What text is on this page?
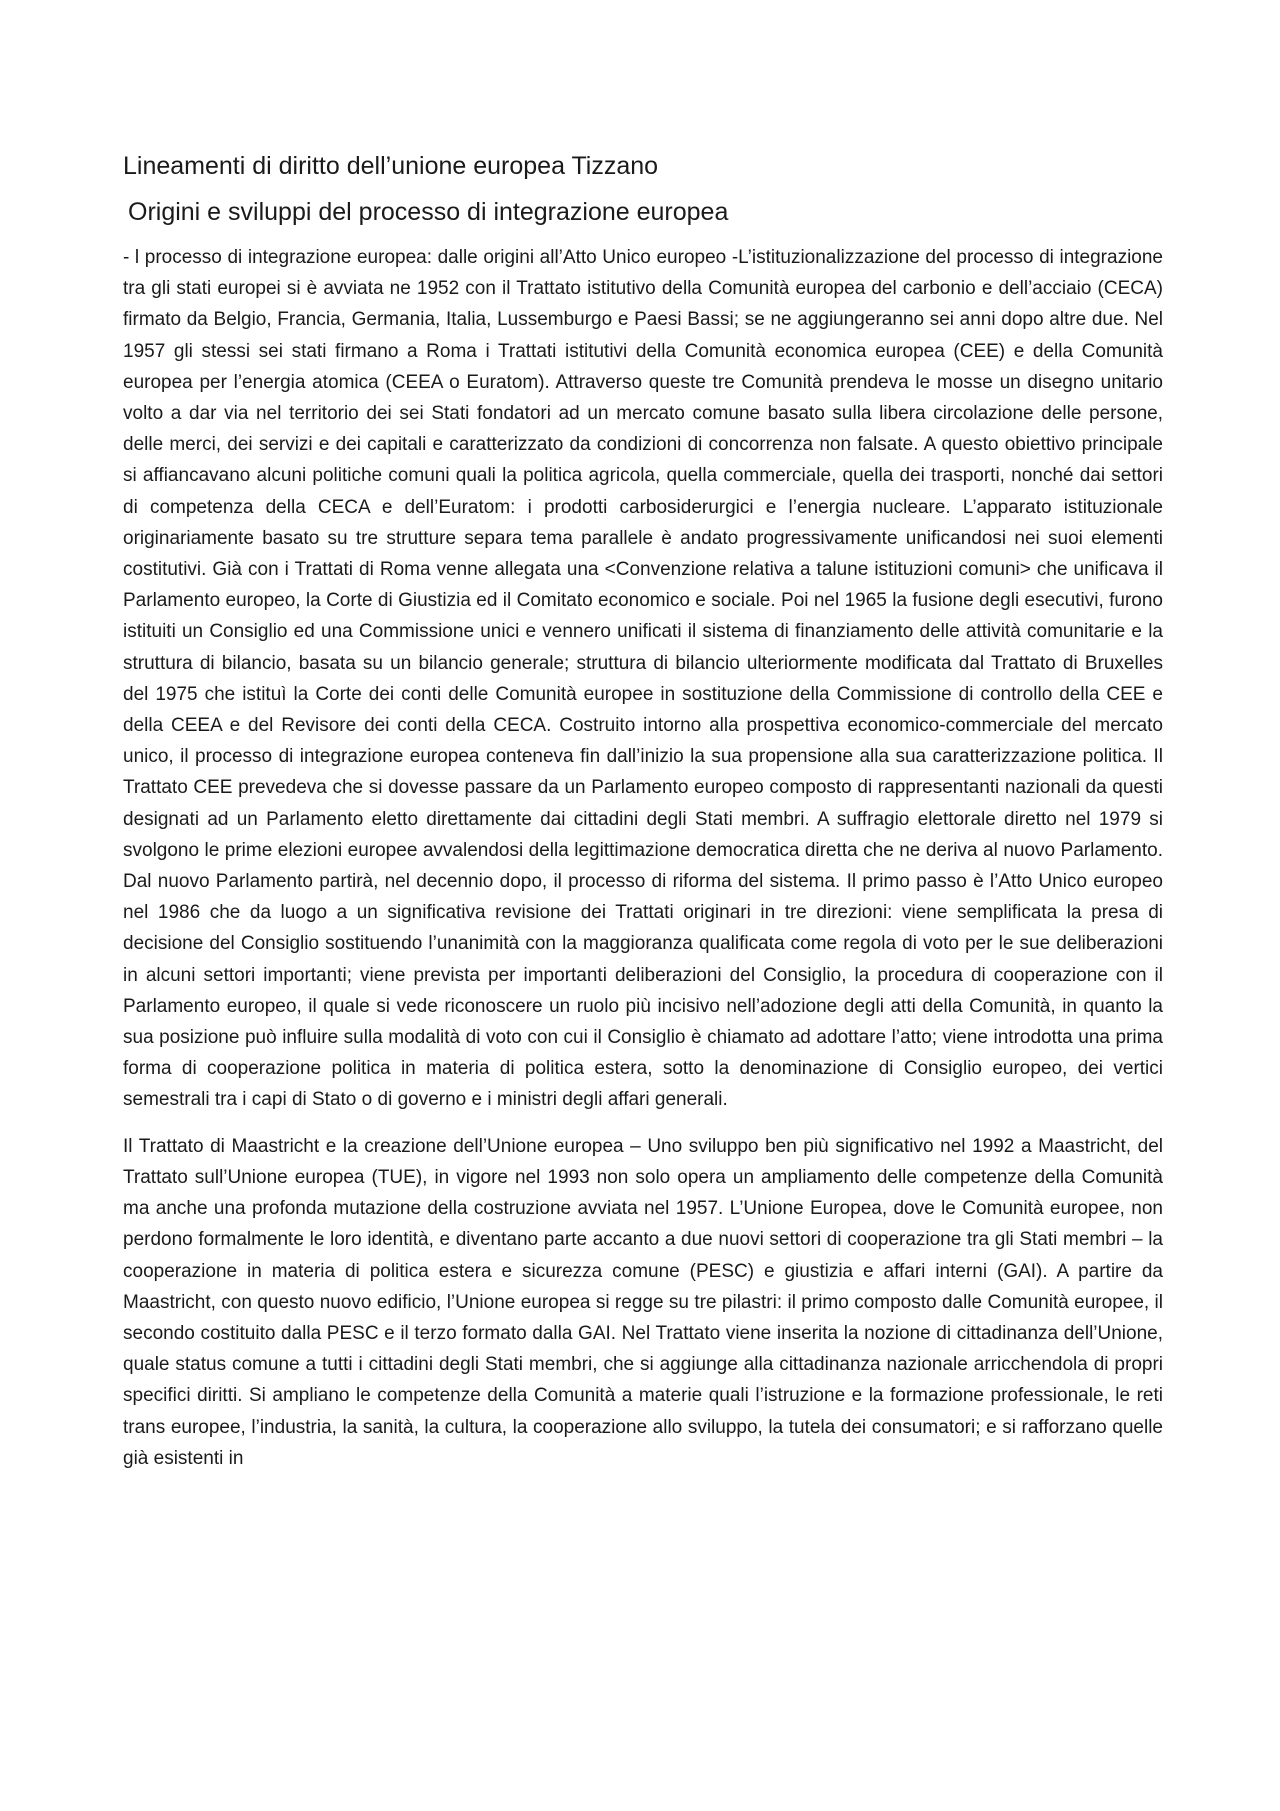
Lineamenti di diritto dell’unione europea Tizzano
Origini e sviluppi del processo di integrazione europea

- l processo di integrazione europea: dalle origini all’Atto Unico europeo -L’istituzionalizzazione del processo di integrazione tra gli stati europei si è avviata ne 1952 con il Trattato istitutivo della Comunità europea del carbonio e dell’acciaio (CECA) firmato da Belgio, Francia, Germania, Italia, Lussemburgo e Paesi Bassi; se ne aggiungeranno sei anni dopo altre due. Nel 1957 gli stessi sei stati firmano a Roma i Trattati istitutivi della Comunità economica europea (CEE) e della Comunità europea per l’energia atomica (CEEA o Euratom). Attraverso queste tre Comunità prendeva le mosse un disegno unitario volto a dar via nel territorio dei sei Stati fondatori ad un mercato comune basato sulla libera circolazione delle persone, delle merci, dei servizi e dei capitali e caratterizzato da condizioni di concorrenza non falsate. A questo obiettivo principale si affiancavano alcuni politiche comuni quali la politica agricola, quella commerciale, quella dei trasporti, nonché dai settori di competenza della CECA e dell’Euratom: i prodotti carbosiderurgici e l’energia nucleare. L’apparato istituzionale originariamente basato su tre strutture separa tema parallele è andato progressivamente unificandosi nei suoi elementi costitutivi. Già con i Trattati di Roma venne allegata una <Convenzione relativa a talune istituzioni comuni> che unificava il Parlamento europeo, la Corte di Giustizia ed il Comitato economico e sociale. Poi nel 1965 la fusione degli esecutivi, furono istituiti un Consiglio ed una Commissione unici e vennero unificati il sistema di finanziamento delle attività comunitarie e la struttura di bilancio, basata su un bilancio generale; struttura di bilancio ulteriormente modificata dal Trattato di Bruxelles del 1975 che istituì la Corte dei conti delle Comunità europee in sostituzione della Commissione di controllo della CEE e della CEEA e del Revisore dei conti della CECA. Costruito intorno alla prospettiva economico-commerciale del mercato unico, il processo di integrazione europea conteneva fin dall’inizio la sua propensione alla sua caratterizzazione politica. Il Trattato CEE prevedeva che si dovesse passare da un Parlamento europeo composto di rappresentanti nazionali da questi designati ad un Parlamento eletto direttamente dai cittadini degli Stati membri. A suffragio elettorale diretto nel 1979 si svolgono le prime elezioni europee avvalendosi della legittimazione democratica diretta che ne deriva al nuovo Parlamento. Dal nuovo Parlamento partirà, nel decennio dopo, il processo di riforma del sistema. Il primo passo è l’Atto Unico europeo nel 1986 che da luogo a un significativa revisione dei Trattati originari in tre direzioni: viene semplificata la presa di decisione del Consiglio sostituendo l’unanimità con la maggioranza qualificata come regola di voto per le sue deliberazioni in alcuni settori importanti; viene prevista per importanti deliberazioni del Consiglio, la procedura di cooperazione con il Parlamento europeo, il quale si vede riconoscere un ruolo più incisivo nell’adozione degli atti della Comunità, in quanto la sua posizione può influire sulla modalità di voto con cui il Consiglio è chiamato ad adottare l’atto; viene introdotta una prima forma di cooperazione politica in materia di politica estera, sotto la denominazione di Consiglio europeo, dei vertici semestrali tra i capi di Stato o di governo e i ministri degli affari generali.

Il Trattato di Maastricht e la creazione dell’Unione europea – Uno sviluppo ben più significativo nel 1992 a Maastricht, del Trattato sull’Unione europea (TUE), in vigore nel 1993 non solo opera un ampliamento delle competenze della Comunità ma anche una profonda mutazione della costruzione avviata nel 1957. L’Unione Europea, dove le Comunità europee, non perdono formalmente le loro identità, e diventano parte accanto a due nuovi settori di cooperazione tra gli Stati membri – la cooperazione in materia di politica estera e sicurezza comune (PESC) e giustizia e affari interni (GAI). A partire da Maastricht, con questo nuovo edificio, l’Unione europea si regge su tre pilastri: il primo composto dalle Comunità europee, il secondo costituito dalla PESC e il terzo formato dalla GAI. Nel Trattato viene inserita la nozione di cittadinanza dell’Unione, quale status comune a tutti i cittadini degli Stati membri, che si aggiunge alla cittadinanza nazionale arricchendola di propri specifici diritti. Si ampliano le competenze della Comunità a materie quali l’istruzione e la formazione professionale, le reti trans europee, l’industria, la sanità, la cultura, la cooperazione allo sviluppo, la tutela dei consumatori; e si rafforzano quelle già esistenti in
